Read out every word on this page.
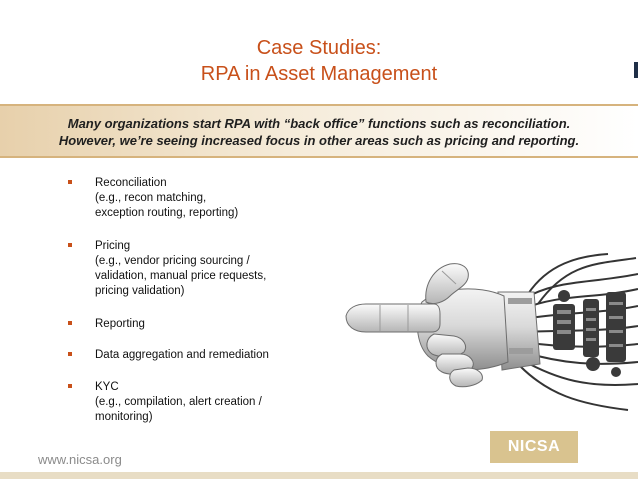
Case Studies:
RPA in Asset Management
Many organizations start RPA with “back office” functions such as reconciliation.
However, we’re seeing increased focus in other areas such as pricing and reporting.
Reconciliation
(e.g., recon matching,
exception routing, reporting)
Pricing
(e.g., vendor pricing sourcing /
validation, manual price requests,
pricing validation)
Reporting
Data aggregation and remediation
KYC
(e.g., compilation, alert creation /
monitoring)
www.nicsa.org
NICSA
